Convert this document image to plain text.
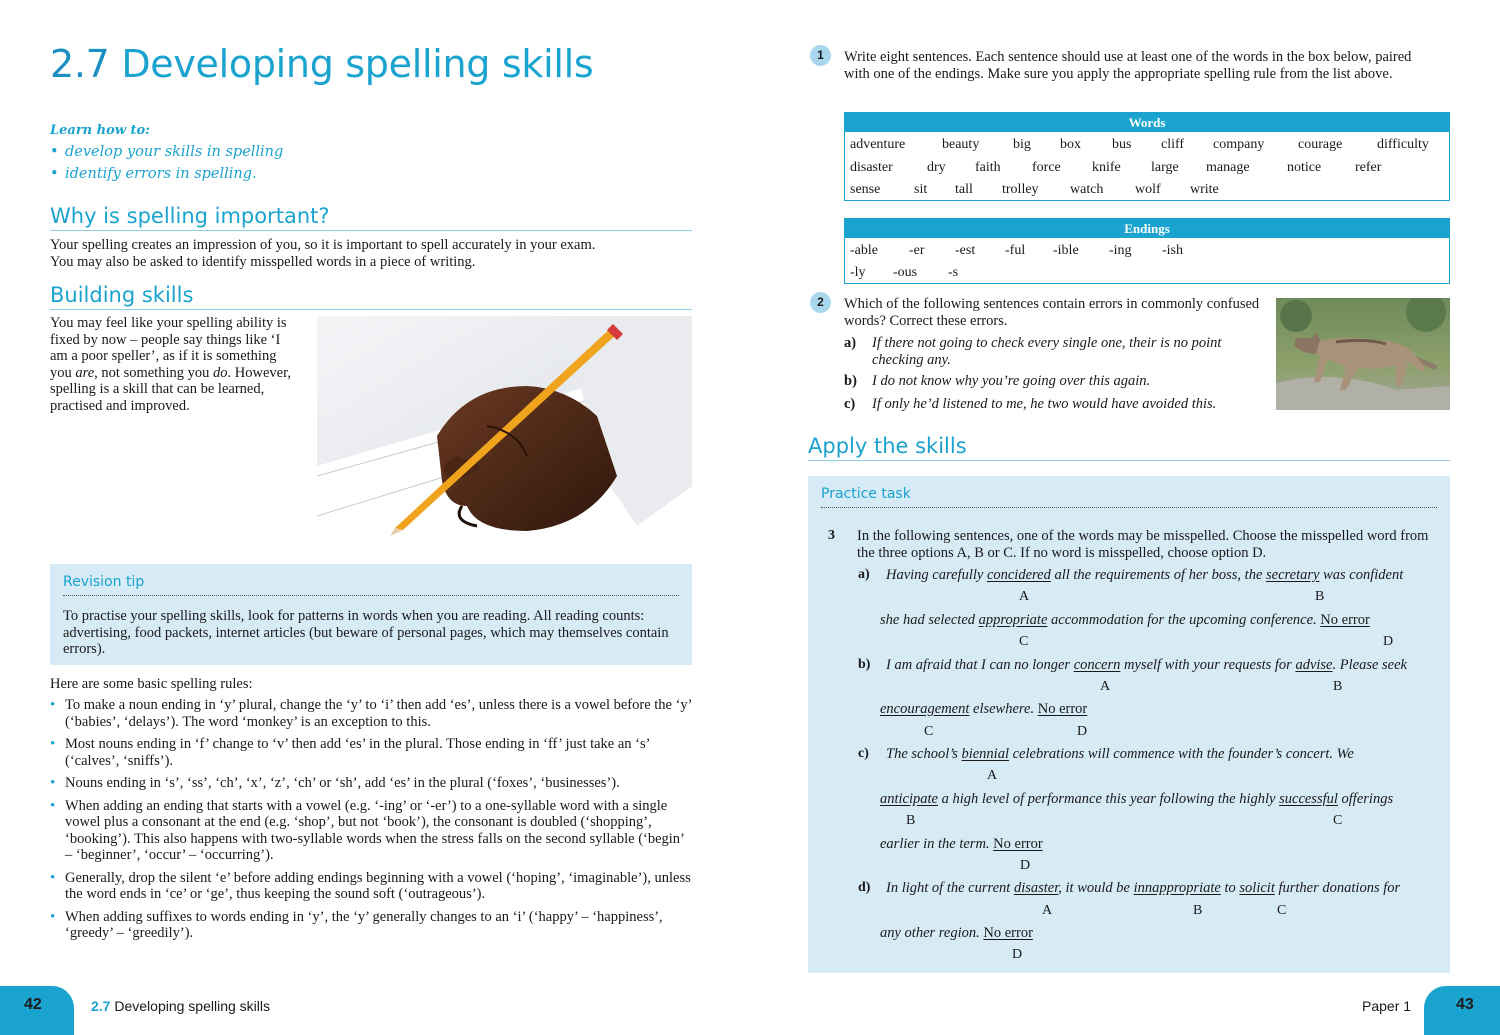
2.7 Developing spelling skills
Learn how to:
• develop your skills in spelling
• identify errors in spelling.
Why is spelling important?

Your spelling creates an impression of you, so it is important to spell accurately in your exam.

You may also be asked to identify misspelled words in a piece of writing.

Building skills
You may feel like your spelling ability is fixed by now – people say things like ‘I am a poor speller’, as if it is something you are, not something you do. However, spelling is a skill that can be learned, practised and improved.
Revision tip
To practise your spelling skills, look for patterns in words when you are reading. All reading counts: advertising, food packets, internet articles (but beware of personal pages, which may themselves contain errors).
Here are some basic spelling rules:
• To make a noun ending in ‘y’ plural, change the ‘y’ to ‘i’ then add ‘es’, unless there is a vowel before the ‘y’ (‘babies’, ‘delays’). The word ‘monkey’ is an exception to this.
• Most nouns ending in ‘f’ change to ‘v’ then add ‘es’ in the plural. Those ending in ‘ff’ just take an ‘s’ (‘calves’, ‘sniffs’).
• Nouns ending in ‘s’, ‘ss’, ‘ch’, ‘x’, ‘z’, ‘ch’ or ‘sh’, add ‘es’ in the plural (‘foxes’, ‘businesses’).
• When adding an ending that starts with a vowel (e.g. ‘-ing’ or ‘-er’) to a one-syllable word with a single vowel plus a consonant at the end (e.g. ‘shop’, but not ‘book’), the consonant is doubled (‘shopping’, ‘booking’). This also happens with two-syllable words when the stress falls on the second syllable (‘begin’ – ‘beginner’, ‘occur’ – ‘occurring’).
• Generally, drop the silent ‘e’ before adding endings beginning with a vowel (‘hoping’, ‘imaginable’), unless the word ends in ‘ce’ or ‘ge’, thus keeping the sound soft (‘outrageous’).
• When adding suffixes to words ending in ‘y’, the ‘y’ generally changes to an ‘i’ (‘happy’ – ‘happiness’, ‘greedy’ – ‘greedily’).
42	2.7 Developing spelling skills
1	Write eight sentences. Each sentence should use at least one of the words in the box below, paired with one of the endings. Make sure you apply the appropriate spelling rule from the list above.
Words
adventure	beauty big box bus cliff company courage difficulty
disaster dry faith force knife large manage	notice refer
sense sit tall trolley watch wolf write
Endings
-able -er -est -ful -ible -ing -ish
-ly -ous -s
2	Which of the following sentences contain errors in commonly confused words? Correct these errors.

a) If there not going to check every single one, their is no point checking any.
b) I do not know why you’re going over this again.
c) If only he’d listened to me, he two would have avoided this.
Apply the skills
Practice task
3 In the following sentences, one of the words may be misspelled. Choose the misspelled word from the three options A, B or C. If no word is misspelled, choose option D.
a) Having carefully concidered all the requirements of her boss, the secretary was confident
A	B
she had selected appropriate accommodation for the upcoming conference. No error
C	D
b) I am afraid that I can no longer concern myself with your requests for advise. Please seek
A	B
encouragement elsewhere. No error
C	D
c) The school’s biennial celebrations will commence with the founder’s concert. We
A
anticipate a high level of performance this year following the highly successful offerings
B	C
earlier in the term. No error
D
d) In light of the current disaster, it would be innappropriate to solicit further donations for
A	B	C
any other region. No error
D
43
Paper 1
